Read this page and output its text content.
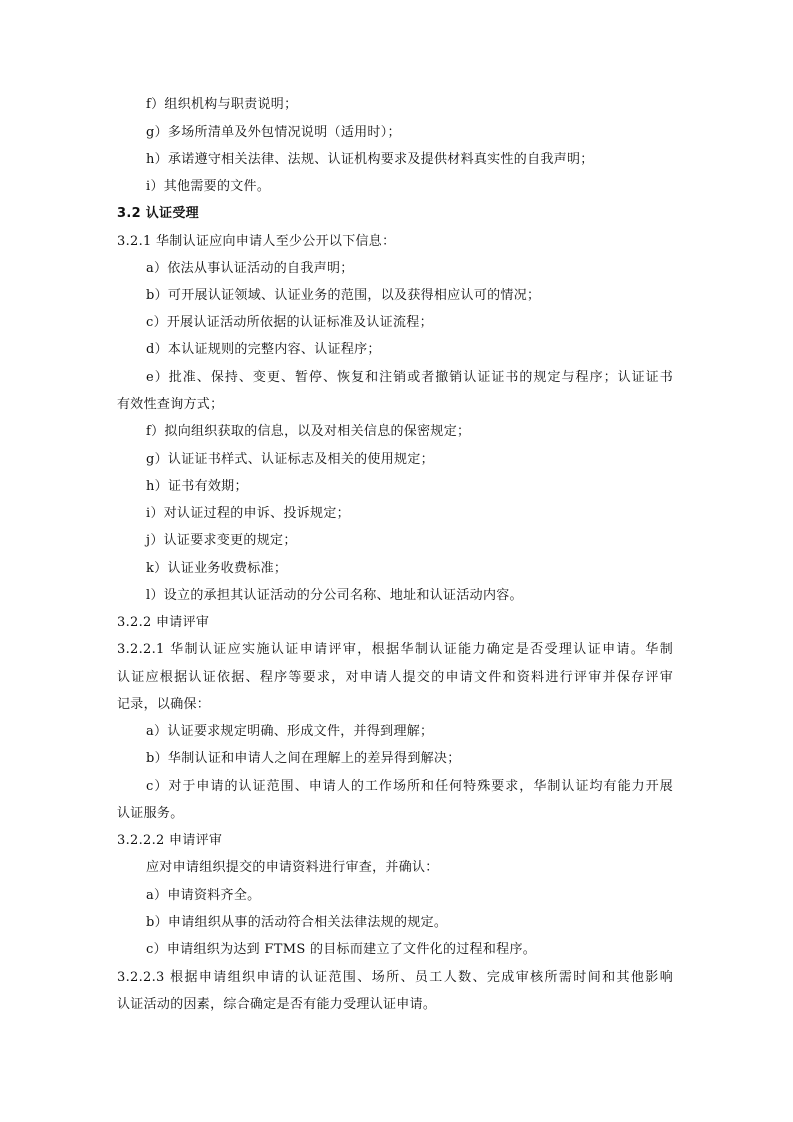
f）组织机构与职责说明；
g）多场所清单及外包情况说明（适用时）；
h）承诺遵守相关法律、法规、认证机构要求及提供材料真实性的自我声明；
i）其他需要的文件。
3.2 认证受理
3.2.1 华制认证应向申请人至少公开以下信息：
a）依法从事认证活动的自我声明；
b）可开展认证领域、认证业务的范围，以及获得相应认可的情况；
c）开展认证活动所依据的认证标准及认证流程；
d）本认证规则的完整内容、认证程序；
e）批准、保持、变更、暂停、恢复和注销或者撤销认证证书的规定与程序；认证证书
有效性查询方式；
f）拟向组织获取的信息，以及对相关信息的保密规定；
g）认证证书样式、认证标志及相关的使用规定；
h）证书有效期；
i）对认证过程的申诉、投诉规定；
j）认证要求变更的规定；
k）认证业务收费标准；
l）设立的承担其认证活动的分公司名称、地址和认证活动内容。
3.2.2 申请评审
3.2.2.1 华制认证应实施认证申请评审，根据华制认证能力确定是否受理认证申请。华制
认证应根据认证依据、程序等要求，对申请人提交的申请文件和资料进行评审并保存评审
记录，以确保：
a）认证要求规定明确、形成文件，并得到理解；
b）华制认证和申请人之间在理解上的差异得到解决；
c）对于申请的认证范围、申请人的工作场所和任何特殊要求，华制认证均有能力开展
认证服务。
3.2.2.2 申请评审
应对申请组织提交的申请资料进行审查，并确认：
a）申请资料齐全。
b）申请组织从事的活动符合相关法律法规的规定。
c）申请组织为达到 FTMS 的目标而建立了文件化的过程和程序。
3.2.2.3 根据申请组织申请的认证范围、场所、员工人数、完成审核所需时间和其他影响
认证活动的因素，综合确定是否有能力受理认证申请。
